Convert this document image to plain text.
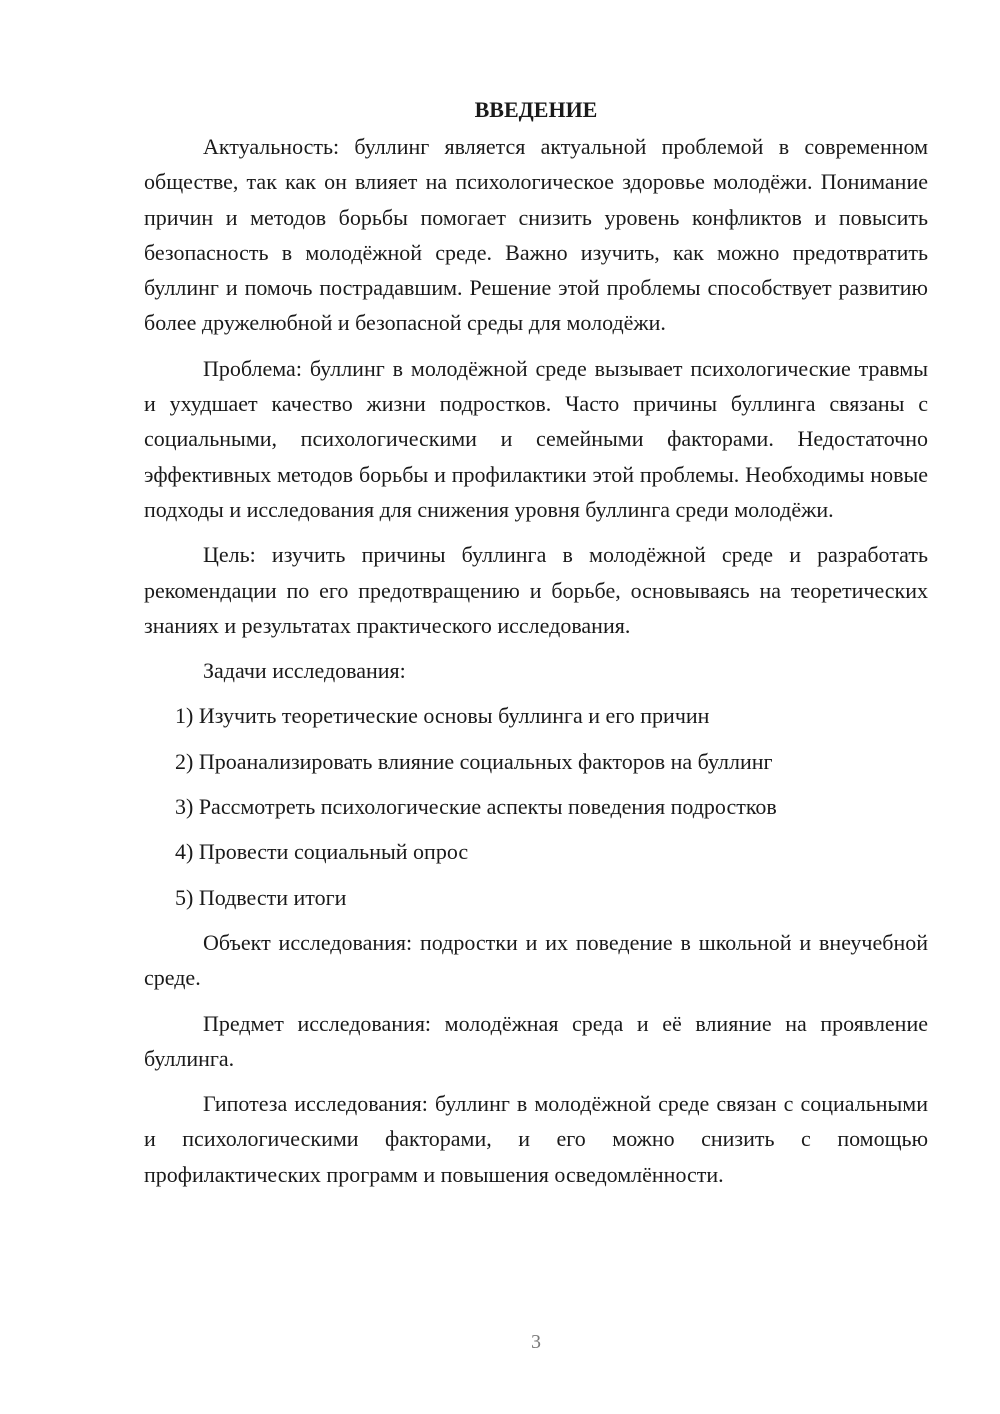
ВВЕДЕНИЕ

Актуальность: буллинг является актуальной проблемой в современном обществе, так как он влияет на психологическое здоровье молодёжи. Понимание причин и методов борьбы помогает снизить уровень конфликтов и повысить безопасность в молодёжной среде. Важно изучить, как можно предотвратить буллинг и помочь пострадавшим. Решение этой проблемы способствует развитию более дружелюбной и безопасной среды для молодёжи.

Проблема: буллинг в молодёжной среде вызывает психологические травмы и ухудшает качество жизни подростков. Часто причины буллинга связаны с социальными, психологическими и семейными факторами. Недостаточно эффективных методов борьбы и профилактики этой проблемы. Необходимы новые подходы и исследования для снижения уровня буллинга среди молодёжи.

Цель: изучить причины буллинга в молодёжной среде и разработать рекомендации по его предотвращению и борьбе, основываясь на теоретических знаниях и результатах практического исследования.

Задачи исследования:

1) Изучить теоретические основы буллинга и его причин
2) Проанализировать влияние социальных факторов на буллинг
3) Рассмотреть психологические аспекты поведения подростков
4) Провести социальный опрос
5) Подвести итоги

Объект исследования: подростки и их поведение в школьной и внеучебной среде.

Предмет исследования: молодёжная среда и её влияние на проявление буллинга.

Гипотеза исследования: буллинг в молодёжной среде связан с социальными и психологическими факторами, и его можно снизить с помощью профилактических программ и повышения осведомлённости.

3
